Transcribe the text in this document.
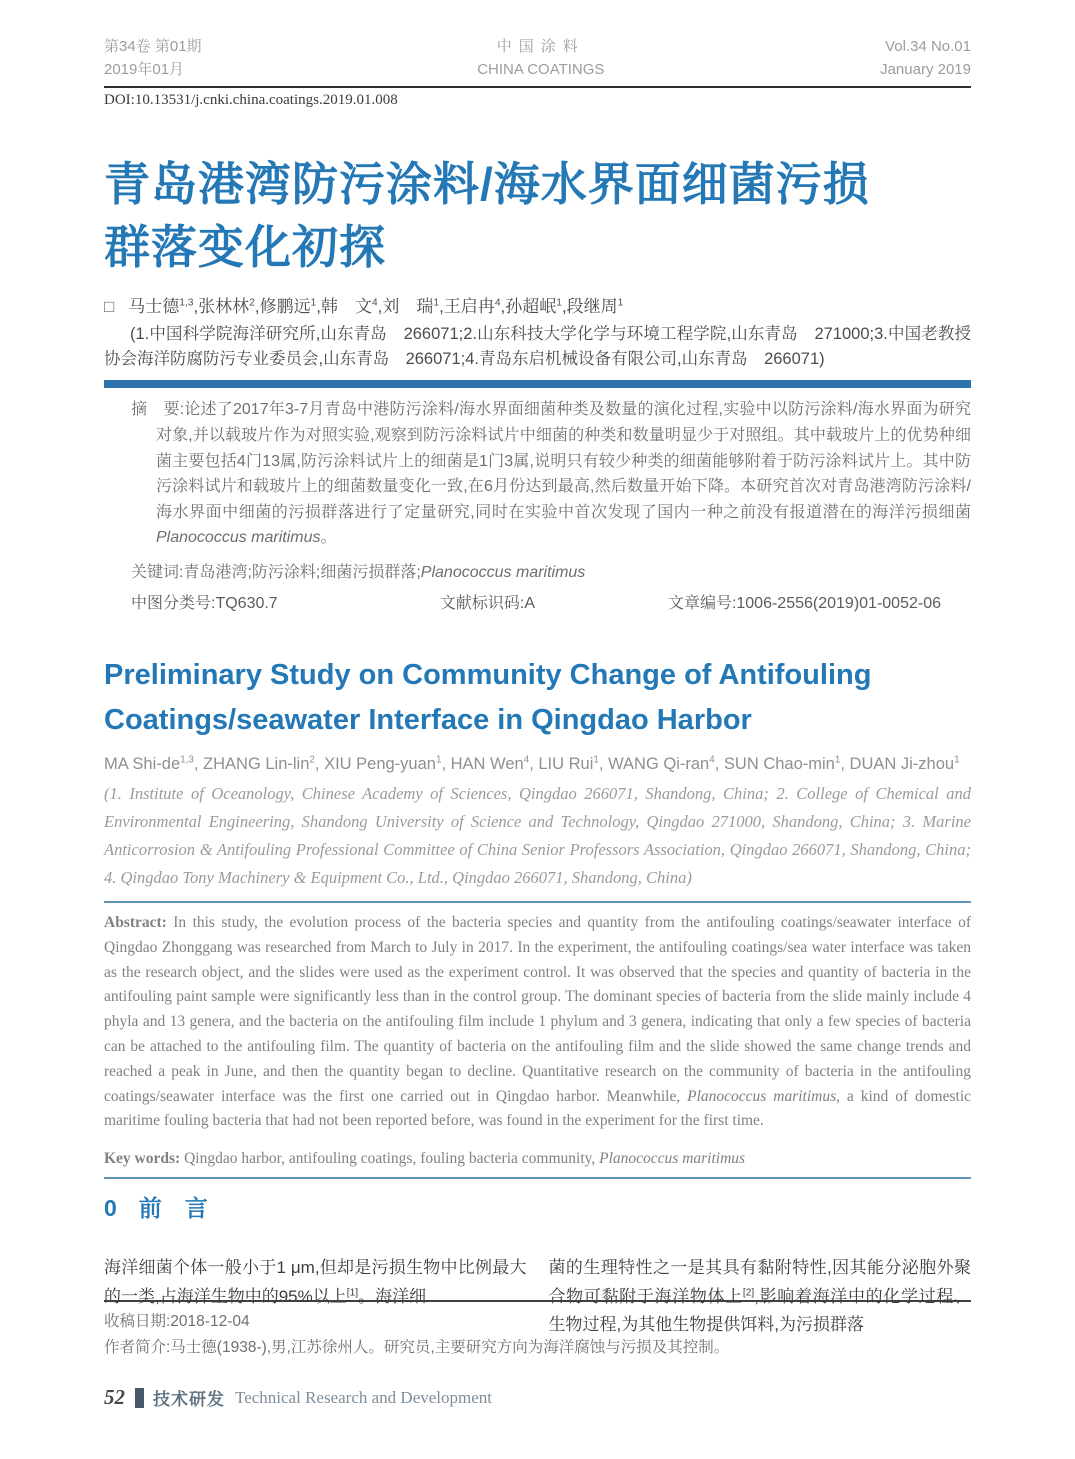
第34卷 第01期
2019年01月
中国涂料
CHINA COATINGS
Vol.34 No.01
January 2019
DOI:10.13531/j.cnki.china.coatings.2019.01.008
青岛港湾防污涂料/海水界面细菌污损
群落变化初探
□ 马士德$^{1,3}$,张林林$^2$,修鹏远$^1$,韩　文$^4$,刘　瑞$^1$,王启冉$^4$,孙超岷$^1$,段继周$^1$
(1.中国科学院海洋研究所,山东青岛　266071;2.山东科技大学化学与环境工程学院,山东青岛　271000;3.中国老教授协会海洋防腐防污专业委员会,山东青岛　266071;4.青岛东启机械设备有限公司,山东青岛　266071)

摘　要:论述了2017年3-7月青岛中港防污涂料/海水界面细菌种类及数量的演化过程,实验中以防污涂料/海水界面为研究对象,并以载玻片作为对照实验,观察到防污涂料试片中细菌的种类和数量明显少于对照组。其中载玻片上的优势种细菌主要包括4门13属,防污涂料试片上的细菌是1门3属,说明只有较少种类的细菌能够附着于防污涂料试片上。其中防污涂料试片和载玻片上的细菌数量变化一致,在6月份达到最高,然后数量开始下降。本研究首次对青岛港湾防污涂料/海水界面中细菌的污损群落进行了定量研究,同时在实验中首次发现了国内一种之前没有报道潜在的海洋污损细菌Planococcus maritimus。

关键词:青岛港湾;防污涂料;细菌污损群落;Planococcus maritimus
中图分类号:TQ630.7	文献标识码:A	文章编号:1006-2556(2019)01-0052-06
Preliminary Study on Community Change of Antifouling
Coatings/seawater Interface in Qingdao Harbor
MA Shi-de$^{1,3}$, ZHANG Lin-lin$^2$, XIU Peng-yuan$^1$, HAN Wen$^4$, LIU Rui$^1$, WANG Qi-ran$^4$, SUN Chao-$\min^1$, DUAN Ji-zhou$^1$
(1. Institute of Oceanology, Chinese Academy of Sciences, Qingdao 266071, Shandong, China; 2. College of Chemical and Environmental Engineering, Shandong University of Science and Technology, Qingdao 271000, Shandong, China; 3. Marine Anticorrosion & Antifouling Professional Committee of China Senior Professors Association, Qingdao 266071, Shandong, China; 4. Qingdao Tony Machinery & Equipment Co., Ltd., Qingdao 266071, Shandong, China)

Abstract: In this study, the evolution process of the bacteria species and quantity from the antifouling coatings/seawater interface of Qingdao Zhonggang was researched from March to July in 2017. In the experiment, the antifouling coatings/sea water interface was taken as the research object, and the slides were used as the experiment control. It was observed that the species and quantity of bacteria in the antifouling paint sample were significantly less than in the control group. The dominant species of bacteria from the slide mainly include 4 phyla and 13 genera, and the bacteria on the antifouling film include 1 phylum and 3 genera, indicating that only a few species of bacteria can be attached to the antifouling film. The quantity of bacteria on the antifouling film and the slide showed the same change trends and reached a peak in June, and then the quantity began to decline. Quantitative research on the community of bacteria in the antifouling coatings/seawater interface was the first one carried out in Qingdao harbor. Meanwhile, Planococcus maritimus, a kind of domestic maritime fouling bacteria that had not been reported before, was found in the experiment for the first time.

Key words: Qingdao harbor, antifouling coatings, fouling bacteria community, Planococcus maritimus
0 前　言

海洋细菌个体一般小于1 μm,但却是污损生物中比例最大的一类,占海洋生物中的95%以上[1]。海洋细

菌的生理特性之一是其具有黏附特性,因其能分泌胞外聚合物可黏附于海洋物体上[2],影响着海洋中的化学过程、生物过程,为其他生物提供饵料,为污损群落

收稿日期:2018-12-04
作者简介:马士德(1938-),男,江苏徐州人。研究员,主要研究方向为海洋腐蚀与污损及其控制。
52 技术研发 Technical Research and Development
